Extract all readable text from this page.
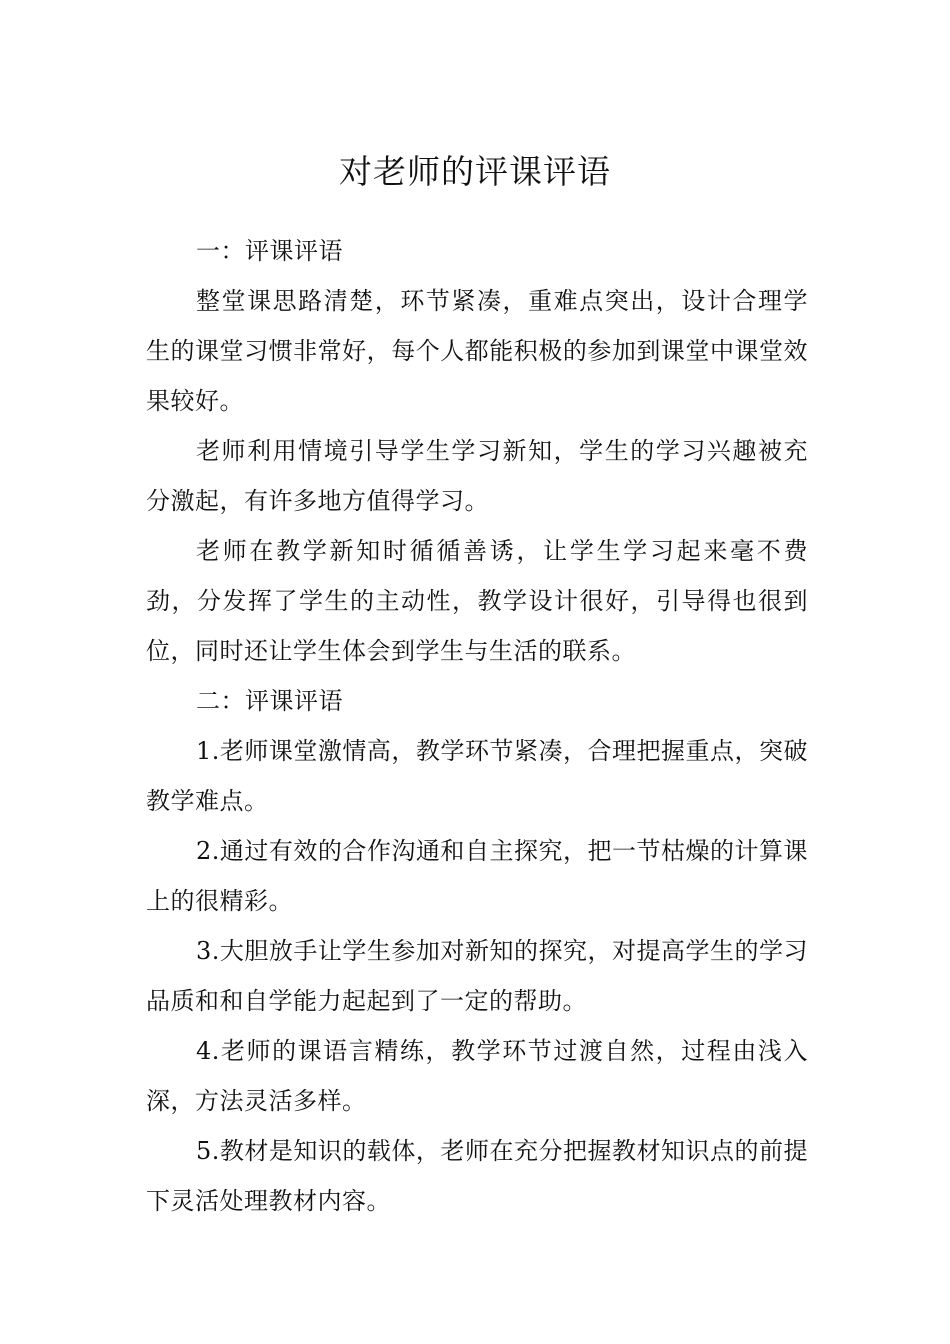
对老师的评课评语

一：评课评语

整堂课思路清楚，环节紧凑，重难点突出，设计合理学生的课堂习惯非常好，每个人都能积极的参加到课堂中课堂效果较好。

老师利用情境引导学生学习新知，学生的学习兴趣被充分激起，有许多地方值得学习。

老师在教学新知时循循善诱，让学生学习起来毫不费劲，分发挥了学生的主动性，教学设计很好，引导得也很到位，同时还让学生体会到学生与生活的联系。

二：评课评语

1.老师课堂激情高，教学环节紧凑，合理把握重点，突破教学难点。

2.通过有效的合作沟通和自主探究，把一节枯燥的计算课上的很精彩。

3.大胆放手让学生参加对新知的探究，对提高学生的学习品质和和自学能力起起到了一定的帮助。

4.老师的课语言精练，教学环节过渡自然，过程由浅入深，方法灵活多样。

5.教材是知识的载体，老师在充分把握教材知识点的前提下灵活处理教材内容。
